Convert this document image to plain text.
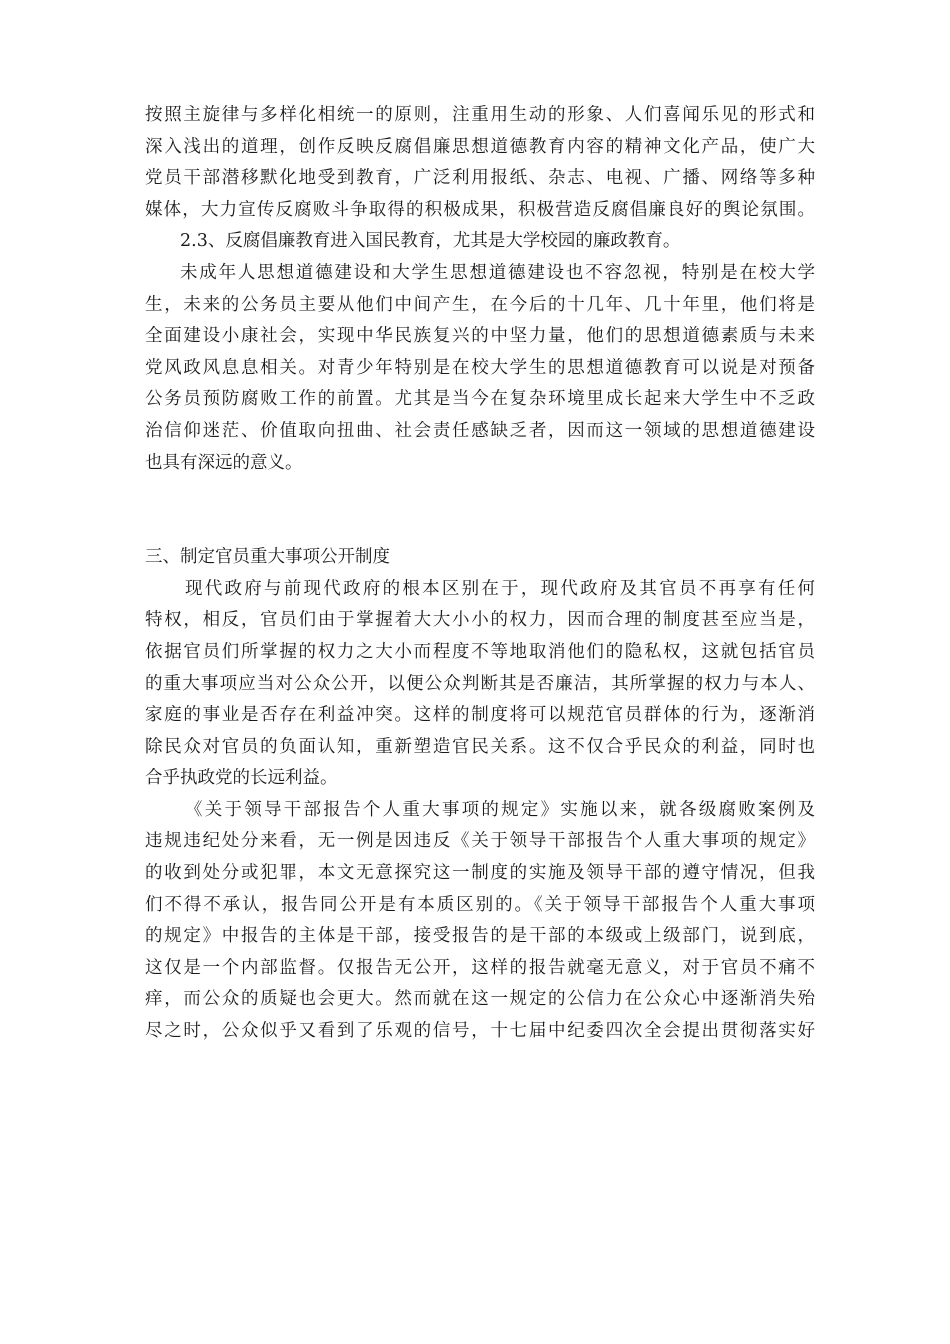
按照主旋律与多样化相统一的原则，注重用生动的形象、人们喜闻乐见的形式和
深入浅出的道理，创作反映反腐倡廉思想道德教育内容的精神文化产品，使广大
党员干部潜移默化地受到教育，广泛利用报纸、杂志、电视、广播、网络等多种
媒体，大力宣传反腐败斗争取得的积极成果，积极营造反腐倡廉良好的舆论氛围。
2.3、反腐倡廉教育进入国民教育，尤其是大学校园的廉政教育。
未成年人思想道德建设和大学生思想道德建设也不容忽视，特别是在校大学
生，未来的公务员主要从他们中间产生，在今后的十几年、几十年里，他们将是
全面建设小康社会，实现中华民族复兴的中坚力量，他们的思想道德素质与未来
党风政风息息相关。对青少年特别是在校大学生的思想道德教育可以说是对预备
公务员预防腐败工作的前置。尤其是当今在复杂环境里成长起来大学生中不乏政
治信仰迷茫、价值取向扭曲、社会责任感缺乏者，因而这一领域的思想道德建设
也具有深远的意义。
三、制定官员重大事项公开制度
现代政府与前现代政府的根本区别在于，现代政府及其官员不再享有任何
特权，相反，官员们由于掌握着大大小小的权力，因而合理的制度甚至应当是，
依据官员们所掌握的权力之大小而程度不等地取消他们的隐私权，这就包括官员
的重大事项应当对公众公开，以便公众判断其是否廉洁，其所掌握的权力与本人、
家庭的事业是否存在利益冲突。这样的制度将可以规范官员群体的行为，逐渐消
除民众对官员的负面认知，重新塑造官民关系。这不仅合乎民众的利益，同时也
合乎执政党的长远利益。
《关于领导干部报告个人重大事项的规定》实施以来，就各级腐败案例及
违规违纪处分来看，无一例是因违反《关于领导干部报告个人重大事项的规定》
的收到处分或犯罪，本文无意探究这一制度的实施及领导干部的遵守情况，但我
们不得不承认，报告同公开是有本质区别的。《关于领导干部报告个人重大事项
的规定》中报告的主体是干部，接受报告的是干部的本级或上级部门，说到底，
这仅是一个内部监督。仅报告无公开，这样的报告就毫无意义，对于官员不痛不
痒，而公众的质疑也会更大。然而就在这一规定的公信力在公众心中逐渐消失殆
尽之时，公众似乎又看到了乐观的信号，十七届中纪委四次全会提出贯彻落实好
